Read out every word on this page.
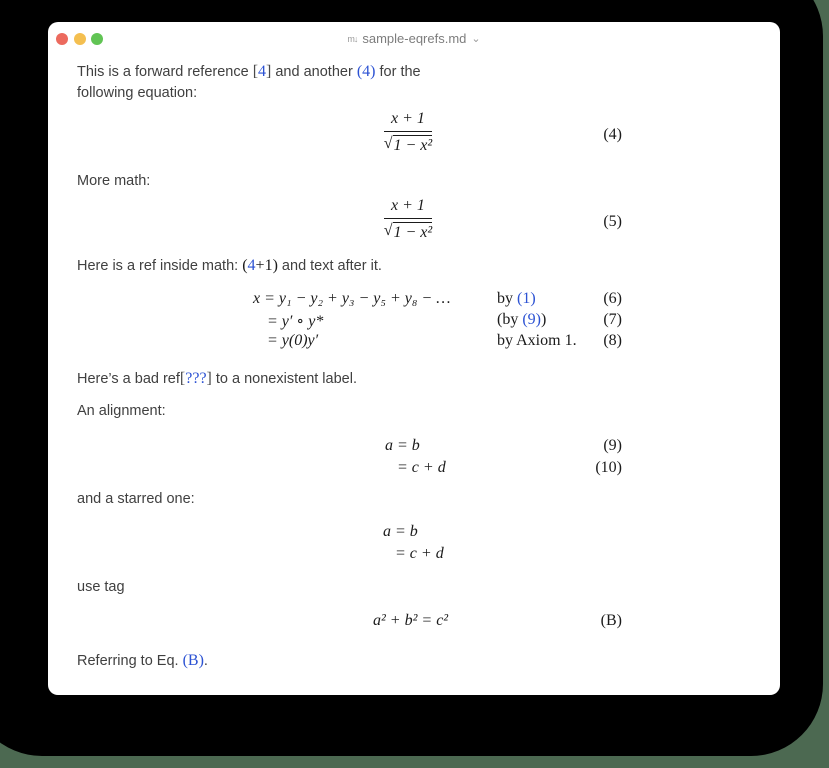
m↓ sample-eqrefs.md ⌄
This is a forward reference [4] and another (4) for the
following equation:
$\frac{x + 1}{\text{√ 1 − x²}}$	(4)
More math:
$\frac{x + 1}{\text{√ 1 − x²}}$	(5)
Here is a ref inside math: (4+1) and text after it.
x = y₁ − y₂ + y₃ − y₅ + y₈ − …	by (1)	(6)
= y′ ∘ y*	(by (9))	(7)
= y(0)y′	by Axiom 1. (8)
Here’s a bad ref[???] to a nonexistent label.
An alignment:
a = b	(9)
= c + d	(10)
and a starred one:
a = b
= c + d
use tag
a² + b² = c²	(B)
Referring to Eq. (B).
